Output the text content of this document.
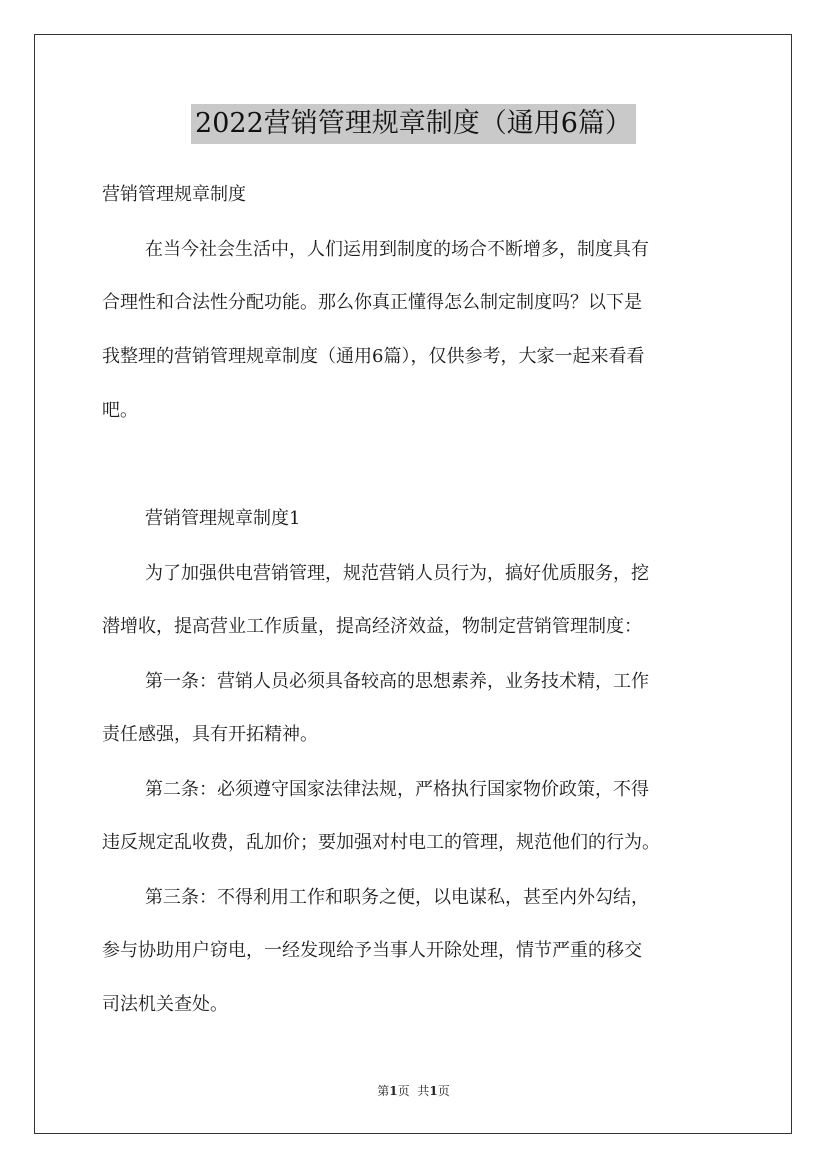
2022营销管理规章制度（通用6篇）
营销管理规章制度
在当今社会生活中，人们运用到制度的场合不断增多，制度具有
合理性和合法性分配功能。那么你真正懂得怎么制定制度吗？以下是
我整理的营销管理规章制度（通用6篇），仅供参考，大家一起来看看
吧。
营销管理规章制度1
为了加强供电营销管理，规范营销人员行为，搞好优质服务，挖
潜增收，提高营业工作质量，提高经济效益，物制定营销管理制度：
第一条：营销人员必须具备较高的思想素养，业务技术精，工作
责任感强，具有开拓精神。
第二条：必须遵守国家法律法规，严格执行国家物价政策，不得
违反规定乱收费，乱加价；要加强对村电工的管理，规范他们的行为。
第三条：不得利用工作和职务之便，以电谋私，甚至内外勾结，
参与协助用户窃电，一经发现给予当事人开除处理，情节严重的移交
司法机关查处。
第1页 共1页
